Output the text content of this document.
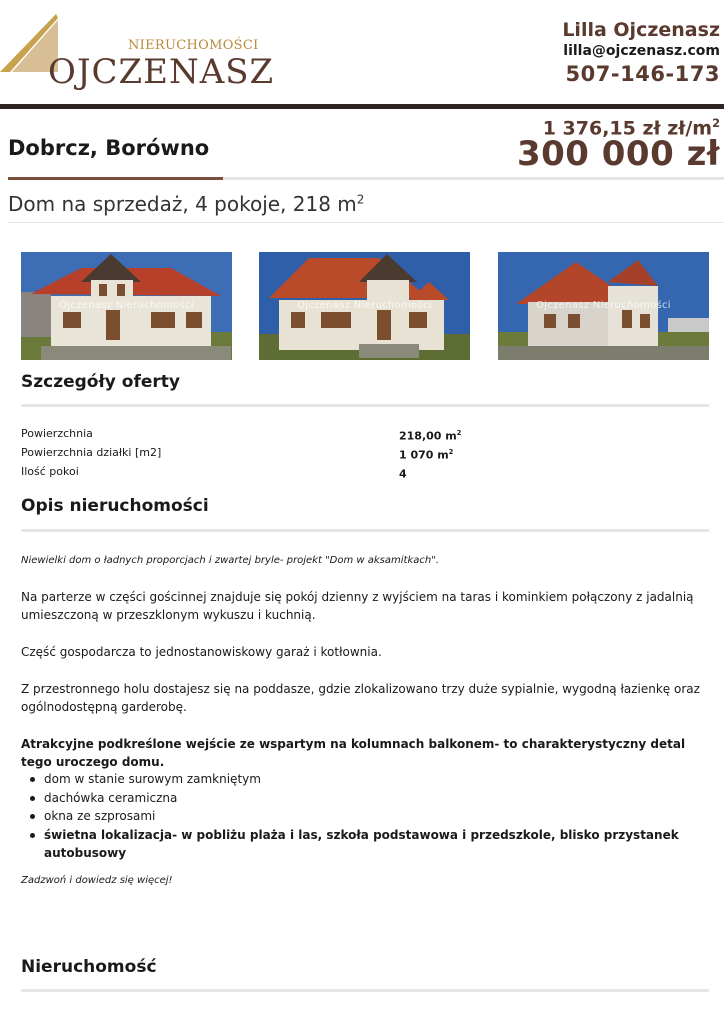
NIERUCHOMOŚCI
OJCZENASZ
Lilla Ojczenasz
lilla@ojczenasz.com
507-146-173
Dobrcz, Borówno
1 376,15 zł $zł/m^2$
300 000 zł
Dom na sprzedaż, 4 pokoje, 218 $m^2$
Ojczenasz Nieruchomości	Ojczenasz Nieruchomości	Ojczenasz Nieruchomości
Szczegóły oferty
Powierzchnia	218,00 $m^2$
Powierzchnia działki [m2]	1 070 $m^2$
Ilość pokoi	4
Opis nieruchomości
Niewielki dom o ładnych proporcjach i zwartej bryle- projekt "Dom w aksamitkach".
Na parterze w części gościnnej znajduje się pokój dzienny z wyjściem na taras i kominkiem połączony z jadalnią umieszczoną w przeszklonym wykuszu i kuchnią.
Część gospodarcza to jednostanowiskowy garaż i kotłownia.
Z przestronnego holu dostajesz się na poddasze, gdzie zlokalizowano trzy duże sypialnie, wygodną łazienkę oraz ogólnodostępną garderobę.
Atrakcyjne podkreślone wejście ze wspartym na kolumnach balkonem- to charakterystyczny detal tego uroczego domu.
dom w stanie surowym zamkniętym
dachówka ceramiczna
okna ze szprosami
świetna lokalizacja- w pobliżu plaża i las, szkoła podstawowa i przedszkole, blisko przystanek autobusowy
Zadzwoń i dowiedz się więcej!
Nieruchomość
